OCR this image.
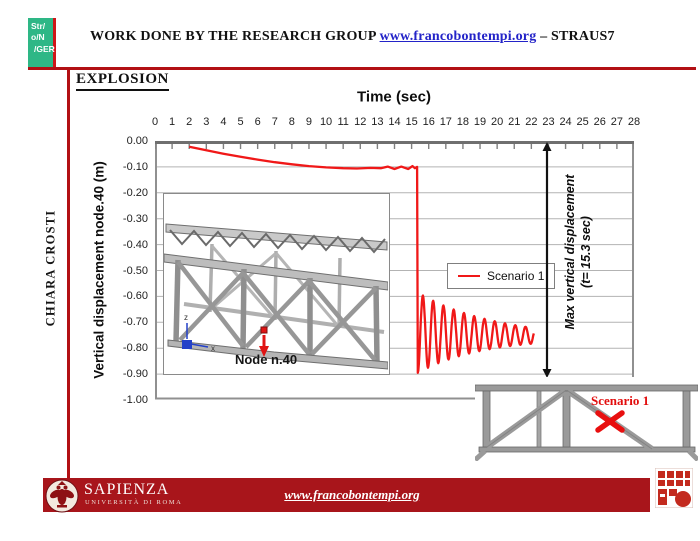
Str/
o/N
/GER
WORK DONE BY THE RESEARCH GROUP www.francobontempi.org – STRAUS7
CHIARA CROSTI
EXPLOSION
Time (sec)
0 1 2 3 4 5 6 7 8 9 10 11 12 13 14 15 16 17 18 19 20 21 22 23 24 25 26 27 28
0.00
-0.10
-0.20
-0.30
-0.40
-0.50
-0.60
-0.70
-0.80
-0.90
-1.00
Vertical displacement node.40 (m)	z
x
Node n.40
Scenario 1 Max vertical displacement (t= 15.3 sec)
Scenario 1
SAPIENZA
UNIVERSITÀ DI ROMA
www.francobontempi.org
